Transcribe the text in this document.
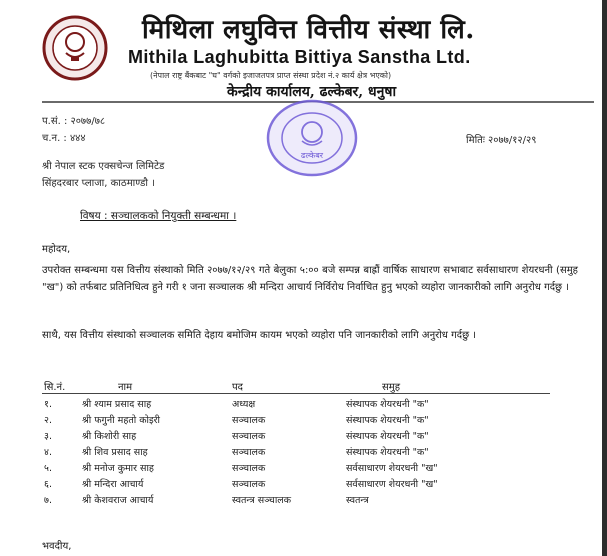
मिथिला लघुवित्त वित्तीय संस्था लि.
Mithila Laghubitta Bittiya Sanstha Ltd.
(नेपाल राष्ट्र बैंकबाट "घ" वर्गको इजाजतपत्र प्राप्त संस्था प्रदेश नं.२ कार्य क्षेत्र भएको)
केन्द्रीय कार्यालय, ढल्केबर, धनुषा
प.सं. : २०७७/७८
च.न. : ४४४	मितिः २०७७/१२/२९
ढल्केबर
श्री नेपाल स्टक एक्सचेन्ज लिमिटेड
सिंहदरबार प्लाजा, काठमाण्डौ ।
विषय : सञ्चालकको नियुक्ती सम्बन्धमा ।
महोदय,
उपरोक्त सम्बन्धमा यस वित्तीय संस्थाको मिति २०७७/१२/२९ गते बेलुका ५:०० बजे सम्पन्न बाह्रौं वार्षिक साधारण सभाबाट सर्वसाधारण शेयरधनी (समुह "ख") को तर्फबाट प्रतिनिधित्व हुने गरी १ जना सञ्चालक श्री मन्दिरा आचार्य निर्विरोध निर्वाचित हुनु भएको व्यहोरा जानकारीको लागि अनुरोध गर्दछु ।
साथै, यस वित्तीय संस्थाको सञ्चालक समिति देहाय बमोजिम कायम भएको व्यहोरा पनि जानकारीको लागि अनुरोध गर्दछु ।
सि.नं.	नाम	पद	समुह
१.	श्री श्याम प्रसाद साह	अध्यक्ष	संस्थापक शेयरधनी "क"
२.	श्री फगुनी महतो कोइरी	सञ्चालक	संस्थापक शेयरधनी "क"
३.	श्री किशोरी साह	सञ्चालक	संस्थापक शेयरधनी "क"
४.	श्री शिव प्रसाद साह	सञ्चालक	संस्थापक शेयरधनी "क"
५.	श्री मनोज कुमार साह	सञ्चालक	सर्वसाधारण शेयरधनी "ख"
६.	श्री मन्दिरा आचार्य	सञ्चालक	सर्वसाधारण शेयरधनी "ख"
७.	श्री केशवराज आचार्य	स्वतन्त्र सञ्चालक	स्वतन्त्र
भवदीय,
